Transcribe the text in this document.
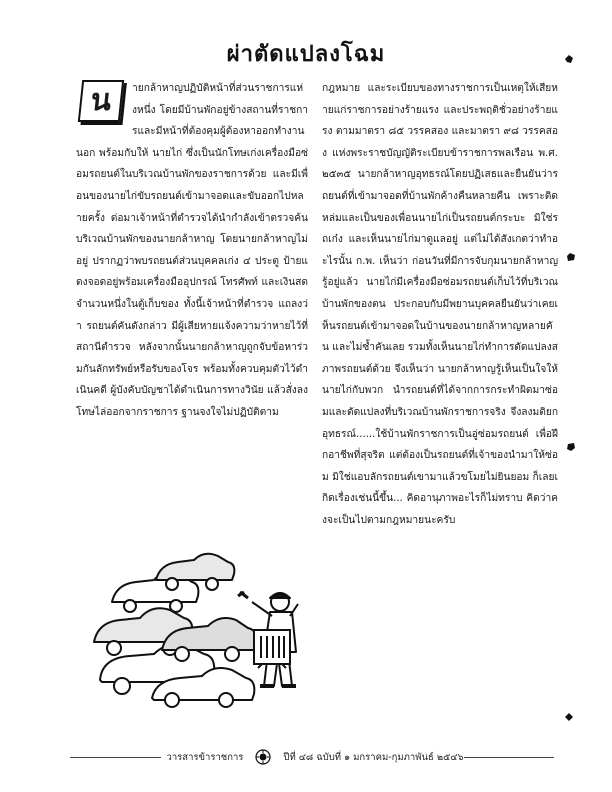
ผ่าตัดแปลงโฉม
น	ายกล้าหาญปฏิบัติหน้าที่ส่วนราชการแห่งหนึ่ง โดยมีบ้านพักอยู่ข้างสถานที่ราชการและมีหน้าที่ต้องคุมผู้ต้องหาออกทำงานนอก พร้อมกับให้ นายไก่ ซึ่งเป็นนักโทษเก่งเครื่องมือซ่อมรถยนต์ในบริเวณบ้านพักของราชการด้วย และมีเพื่อนของนายไก่ขับรถยนต์เข้ามาจอดและขับออกไปหลายครั้ง ต่อมาเจ้าหน้าที่ตำรวจได้นำกำลังเข้าตรวจค้นบริเวณบ้านพักของนายกล้าหาญ โดยนายกล้าหาญไม่อยู่ ปรากฏว่าพบรถยนต์ส่วนบุคคลเก่ง ๔ ประตู ป้ายแดงจอดอยู่พร้อมเครื่องมืออุปกรณ์ โทรศัพท์ และเงินสดจำนวนหนึ่งในตู้เก็บของ ทั้งนี้เจ้าหน้าที่ตำรวจ แถลงว่า รถยนต์คันดังกล่าว มีผู้เสียหายแจ้งความว่าหายไว้ที่สถานีตำรวจ หลังจากนั้นนายกล้าหาญถูกจับข้อหาร่วมกันลักทรัพย์หรือรับของโจร พร้อมทั้งควบคุมตัวไว้ดำเนินคดี ผู้บังคับบัญชาได้ดำเนินการทางวินัย แล้วสั่งลงโทษไล่ออกจากราชการ ฐานจงใจไม่ปฏิบัติตาม
กฎหมาย และระเบียบของทางราชการเป็นเหตุให้เสียหายแก่ราชการอย่างร้ายแรง และประพฤติชั่วอย่างร้ายแรง ตามมาตรา ๘๕ วรรคสอง และมาตรา ๙๘ วรรคสอง แห่งพระราชบัญญัติระเบียบข้าราชการพลเรือน พ.ศ. ๒๕๓๕ นายกล้าหาญอุทธรณ์โดยปฏิเสธและยืนยันว่ารถยนต์ที่เข้ามาจอดที่บ้านพักค้างคืนหลายคืน เพราะติดหล่มและเป็นของเพื่อนนายไก่เป็นรถยนต์กระบะ มิใช่รถเก๋ง และเห็นนายไก่มาดูแลอยู่ แต่ไม่ได้สังเกตว่าทำอะไรนั้น ก.พ. เห็นว่า ก่อนวันที่มีการจับกุมนายกล้าหาญรู้อยู่แล้ว นายไก่มีเครื่องมือซ่อมรถยนต์เก็บไว้ที่บริเวณบ้านพักของตน ประกอบกับมีพยานบุคคลยืนยันว่าเคยเห็นรถยนต์เข้ามาจอดในบ้านของนายกล้าหาญหลายคัน และไม่ซ้ำคันเลย รวมทั้งเห็นนายไก่ทำการดัดแปลงสภาพรถยนต์ด้วย จึงเห็นว่า นายกล้าหาญรู้เห็นเป็นใจให้นายไก่กับพวก นำรถยนต์ที่ได้จากการกระทำผิดมาซ่อมและดัดแปลงที่บริเวณบ้านพักราชการจริง จึงลงมติยกอุทธรณ์......ใช้บ้านพักราชการเป็นอู่ซ่อมรถยนต์ เพื่อฝึกอาชีพที่สุจริต แต่ต้องเป็นรถยนต์ที่เจ้าของนำมาให้ซ่อม มิใช่แอบลักรถยนต์เขามาแล้วขโมยไม่ยินยอม ก็เลยเกิดเรื่องเช่นนี้ขึ้น... คิดอานุภาพอะไรก็ไม่ทราบ คิดว่าคงจะเป็นไปตามกฎหมายนะครับ
วารสารข้าราชการ	ปีที่ ๔๘ ฉบับที่ ๑ มกราคม-กุมภาพันธ์ ๒๕๔๖
